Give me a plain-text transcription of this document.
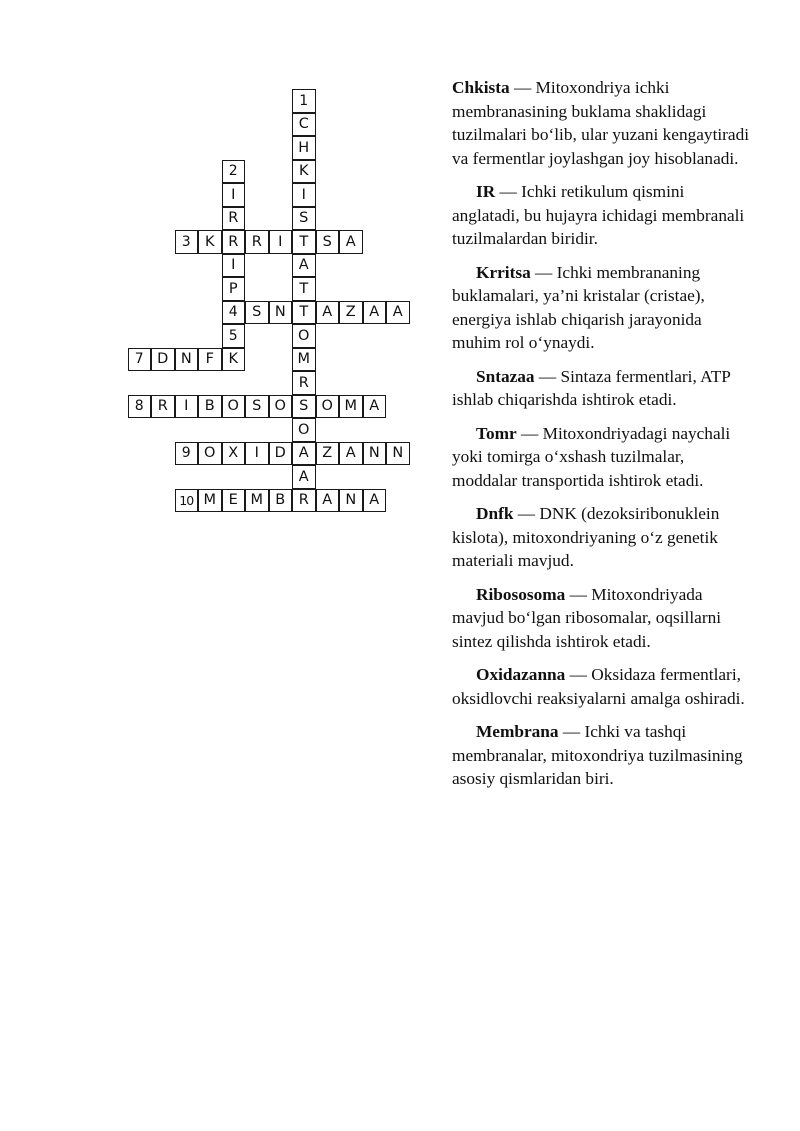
1
C
H
2	K
I	I
R	S
3 K R R	I	T S A
I	A
P	T
4 S N T A Z A A
5	O
7 D N F	K	M
R
8 R	I	B O S O S O M A
O
9 O X	I	D A Z A N N
A
10 M E M B R A N A

Chkista — Mitoxondriya ichki membranasining buklama shaklidagi tuzilmalari bo‘lib, ular yuzani kengaytiradi va fermentlar joylashgan joy hisoblanadi.

IR — Ichki retikulum qismini anglatadi, bu hujayra ichidagi membranali tuzilmalardan biridir.

Krritsa — Ichki membrananing buklamalari, ya’ni kristalar (cristae), energiya ishlab chiqarish jarayonida muhim rol o‘ynaydi.

Sntazaa — Sintaza fermentlari, ATP ishlab chiqarishda ishtirok etadi.

Tomr — Mitoxondriyadagi naychali yoki tomirga o‘xshash tuzilmalar, moddalar transportida ishtirok etadi.

Dnfk — DNK (dezoksiribonuklein kislota), mitoxondriyaning o‘z genetik materiali mavjud.

Ribososoma — Mitoxondriyada mavjud bo‘lgan ribosomalar, oqsillarni sintez qilishda ishtirok etadi.

Oxidazanna — Oksidaza fermentlari, oksidlovchi reaksiyalarni amalga oshiradi.

Membrana — Ichki va tashqi membranalar, mitoxondriya tuzilmasining asosiy qismlaridan biri.
